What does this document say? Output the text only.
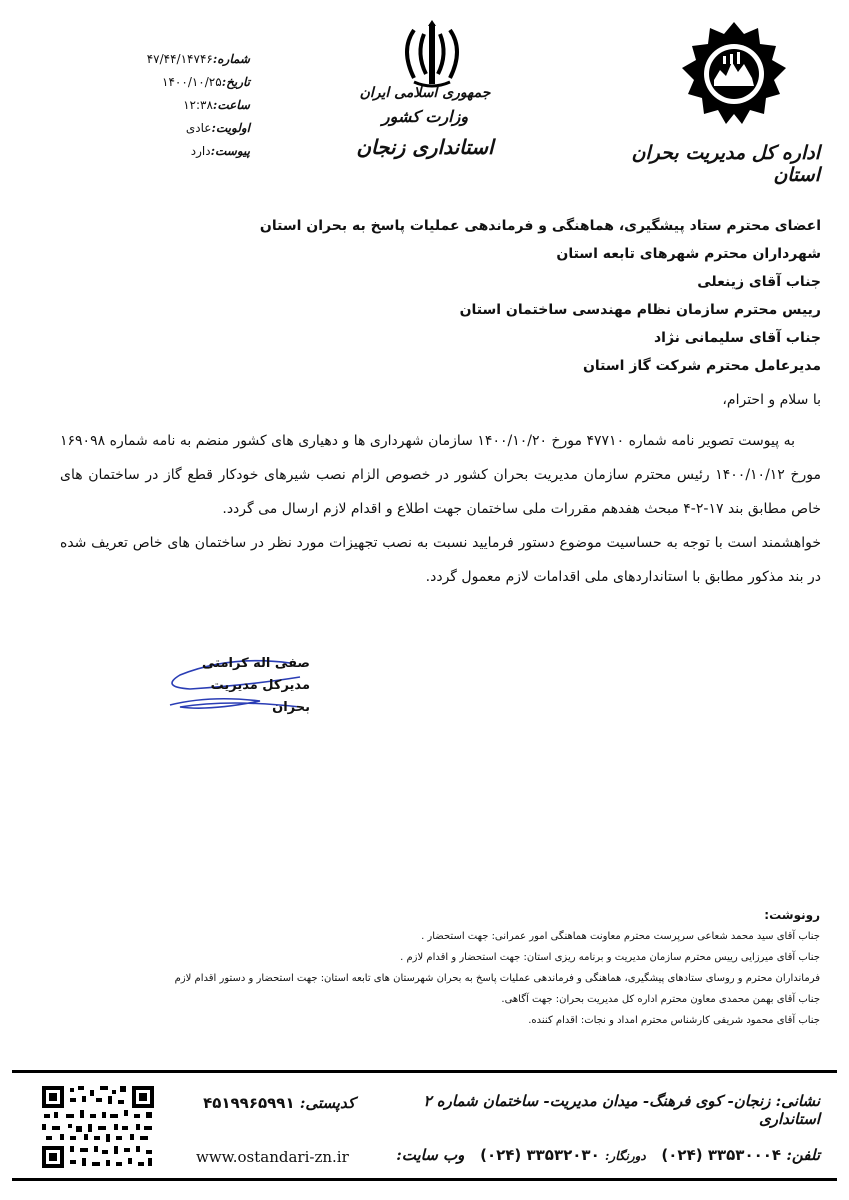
شماره:۴۷/۴۴/۱۴۷۴۶
تاریخ:۱۴۰۰/۱۰/۲۵
ساعت:۱۲:۳۸
اولویت:عادی
پیوست:دارد
جمهوری اسلامی ایران
وزارت کشور
استانداری زنجان	اداره کل مدیریت بحران استان
اعضای محترم ستاد پیشگیری، هماهنگی و فرماندهی عملیات پاسخ به بحران استان
شهرداران محترم شهرهای تابعه استان
جناب آقای زینعلی
رییس محترم سازمان نظام مهندسی ساختمان استان
جناب آقای سلیمانی نژاد
مدیرعامل محترم شرکت گاز استان
با سلام و احترام،

به پیوست تصویر نامه شماره ۴۷۷۱۰ مورخ ۱۴۰۰/۱۰/۲۰ سازمان شهرداری ها و دهیاری های کشور منضم به نامه شماره ۱۶۹۰۹۸ مورخ ۱۴۰۰/۱۰/۱۲ رئیس محترم سازمان مدیریت بحران کشور در خصوص الزام نصب شیرهای خودکار قطع گاز در ساختمان های خاص مطابق بند ۱۷-۲-۴ مبحث هفدهم مقررات ملی ساختمان جهت اطلاع و اقدام لازم ارسال می گردد.

خواهشمند است با توجه به حساسیت موضوع دستور فرمایید نسبت به نصب تجهیزات مورد نظر در ساختمان های خاص تعریف شده در بند مذکور مطابق با استانداردهای ملی اقدامات لازم معمول گردد.

صفی اله کرامتی
مدیرکل مدیریت بحران
رونوشت:
جناب آقای سید محمد شعاعی سرپرست محترم معاونت هماهنگی امور عمرانی: جهت استحضار .
جناب آقای میرزایی رییس محترم سازمان مدیریت و برنامه ریزی استان: جهت استحضار و اقدام لازم .
فرمانداران محترم و روسای ستادهای پیشگیری، هماهنگی و فرماندهی عملیات پاسخ به بحران شهرستان های تابعه استان: جهت استحضار و دستور اقدام لازم
جناب آقای بهمن محمدی معاون محترم اداره کل مدیریت بحران: جهت آگاهی.
جناب آقای محمود شریفی کارشناس محترم امداد و نجات: اقدام کننده.
نشانی: زنجان- کوی فرهنگ- میدان مدیریت- ساختمان شماره ۲ استانداری
کدپستی: ۴۵۱۹۹۶۵۹۹۱
تلفن: ۳۳۵۳۰۰۰۴ (۰۲۴)   دورنگار: ۳۳۵۳۲۰۳۰ (۰۲۴)   وب سایت:
www.ostandari-zn.ir
